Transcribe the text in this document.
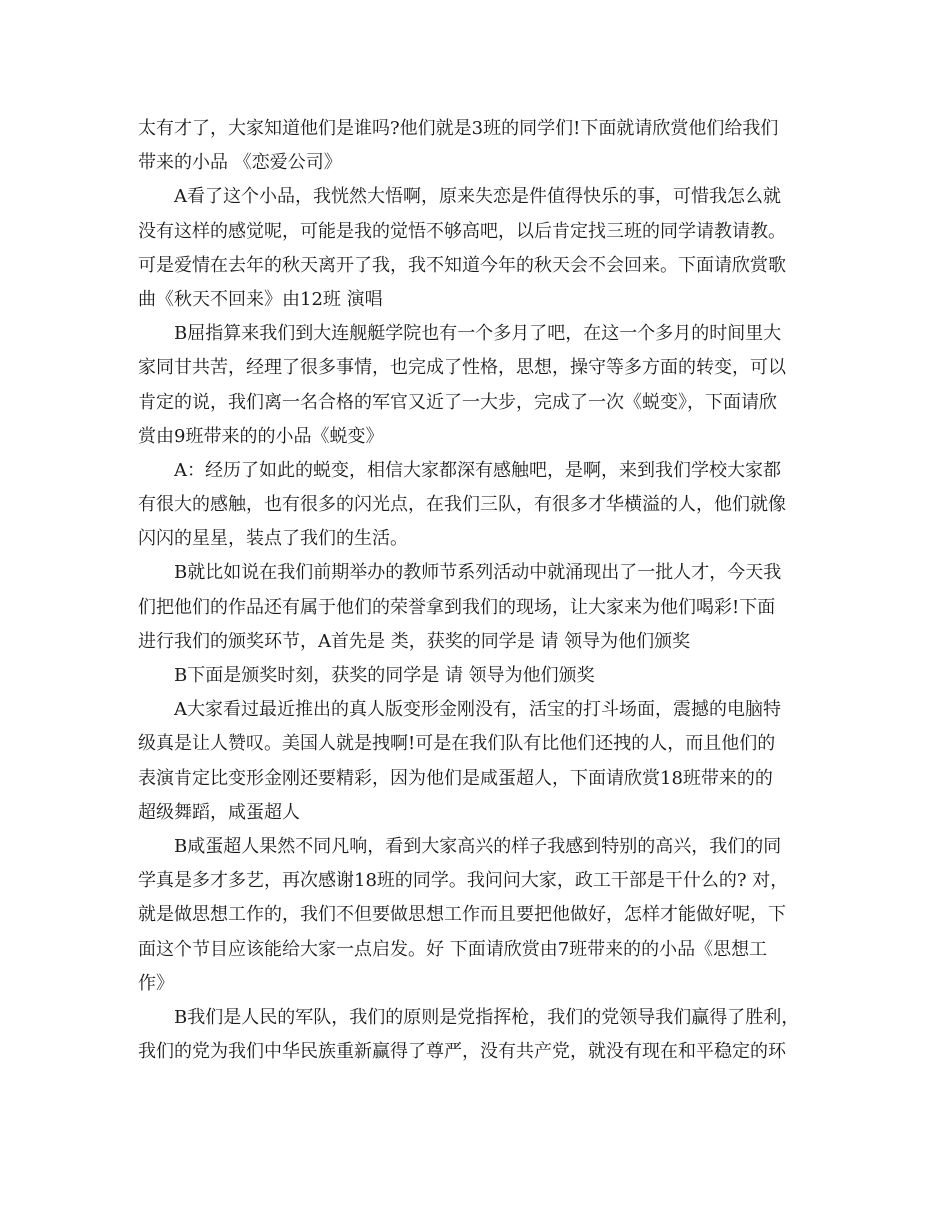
太有才了，大家知道他们是谁吗?他们就是3班的同学们!下面就请欣赏他们给我们
带来的小品 《恋爱公司》
A看了这个小品，我恍然大悟啊，原来失恋是件值得快乐的事，可惜我怎么就
没有这样的感觉呢，可能是我的觉悟不够高吧，以后肯定找三班的同学请教请教。
可是爱情在去年的秋天离开了我，我不知道今年的秋天会不会回来。下面请欣赏歌
曲《秋天不回来》由12班 演唱
B屈指算来我们到大连舰艇学院也有一个多月了吧，在这一个多月的时间里大
家同甘共苦，经理了很多事情，也完成了性格，思想，操守等多方面的转变，可以
肯定的说，我们离一名合格的军官又近了一大步，完成了一次《蜕变》，下面请欣
赏由9班带来的的小品《蜕变》
A：经历了如此的蜕变，相信大家都深有感触吧，是啊，来到我们学校大家都
有很大的感触，也有很多的闪光点，在我们三队，有很多才华横溢的人，他们就像
闪闪的星星，装点了我们的生活。
B就比如说在我们前期举办的教师节系列活动中就涌现出了一批人才，今天我
们把他们的作品还有属于他们的荣誉拿到我们的现场，让大家来为他们喝彩!下面
进行我们的颁奖环节，A首先是 类，获奖的同学是 请 领导为他们颁奖
B下面是颁奖时刻，获奖的同学是 请 领导为他们颁奖
A大家看过最近推出的真人版变形金刚没有，活宝的打斗场面，震撼的电脑特
级真是让人赞叹。美国人就是拽啊!可是在我们队有比他们还拽的人，而且他们的
表演肯定比变形金刚还要精彩，因为他们是咸蛋超人，下面请欣赏18班带来的的
超级舞蹈，咸蛋超人
B咸蛋超人果然不同凡响，看到大家高兴的样子我感到特别的高兴，我们的同
学真是多才多艺，再次感谢18班的同学。我问问大家，政工干部是干什么的? 对，
就是做思想工作的，我们不但要做思想工作而且要把他做好，怎样才能做好呢，下
面这个节目应该能给大家一点启发。好 下面请欣赏由7班带来的的小品《思想工
作》
B我们是人民的军队，我们的原则是党指挥枪，我们的党领导我们赢得了胜利，
我们的党为我们中华民族重新赢得了尊严，没有共产党，就没有现在和平稳定的环
